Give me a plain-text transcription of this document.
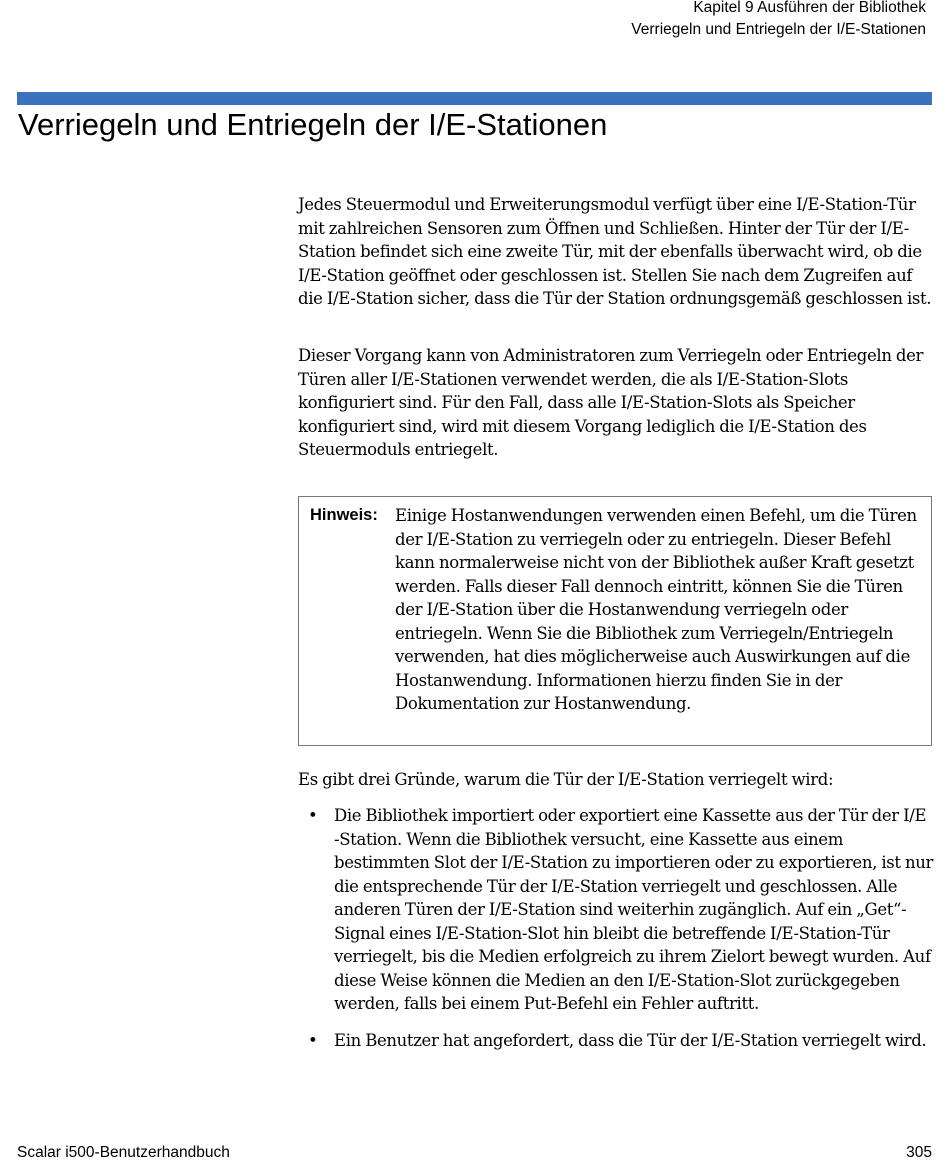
Kapitel 9 Ausführen der Bibliothek
Verriegeln und Entriegeln der I/E-Stationen
Verriegeln und Entriegeln der I/E-Stationen

Jedes Steuermodul und Erweiterungsmodul verfügt über eine I/E-Station-Tür mit zahlreichen Sensoren zum Öffnen und Schließen. Hinter der Tür der I/E-Station befindet sich eine zweite Tür, mit der ebenfalls überwacht wird, ob die I/E-Station geöffnet oder geschlossen ist. Stellen Sie nach dem Zugreifen auf die I/E-Station sicher, dass die Tür der Station ordnungsgemäß geschlossen ist.

Dieser Vorgang kann von Administratoren zum Verriegeln oder Entriegeln der Türen aller I/E-Stationen verwendet werden, die als I/E-Station-Slots konfiguriert sind. Für den Fall, dass alle I/E-Station-Slots als Speicher konfiguriert sind, wird mit diesem Vorgang lediglich die I/E-Station des Steuermoduls entriegelt.

Hinweis: Einige Hostanwendungen verwenden einen Befehl, um die Türen der I/E-Station zu verriegeln oder zu entriegeln. Dieser Befehl kann normalerweise nicht von der Bibliothek außer Kraft gesetzt werden. Falls dieser Fall dennoch eintritt, können Sie die Türen der I/E-Station über die Hostanwendung verriegeln oder entriegeln. Wenn Sie die Bibliothek zum Verriegeln/Entriegeln verwenden, hat dies möglicherweise auch Auswirkungen auf die Hostanwendung. Informationen hierzu finden Sie in der Dokumentation zur Hostanwendung.

Es gibt drei Gründe, warum die Tür der I/E-Station verriegelt wird:

• Die Bibliothek importiert oder exportiert eine Kassette aus der Tür der I/E -Station. Wenn die Bibliothek versucht, eine Kassette aus einem bestimmten Slot der I/E-Station zu importieren oder zu exportieren, ist nur die entsprechende Tür der I/E-Station verriegelt und geschlossen. Alle anderen Türen der I/E-Station sind weiterhin zugänglich. Auf ein „Get“-Signal eines I/E-Station-Slot hin bleibt die betreffende I/E-Station-Tür verriegelt, bis die Medien erfolgreich zu ihrem Zielort bewegt wurden. Auf diese Weise können die Medien an den I/E-Station-Slot zurückgegeben werden, falls bei einem Put-Befehl ein Fehler auftritt.
• Ein Benutzer hat angefordert, dass die Tür der I/E-Station verriegelt wird.
Scalar i500-Benutzerhandbuch	305
